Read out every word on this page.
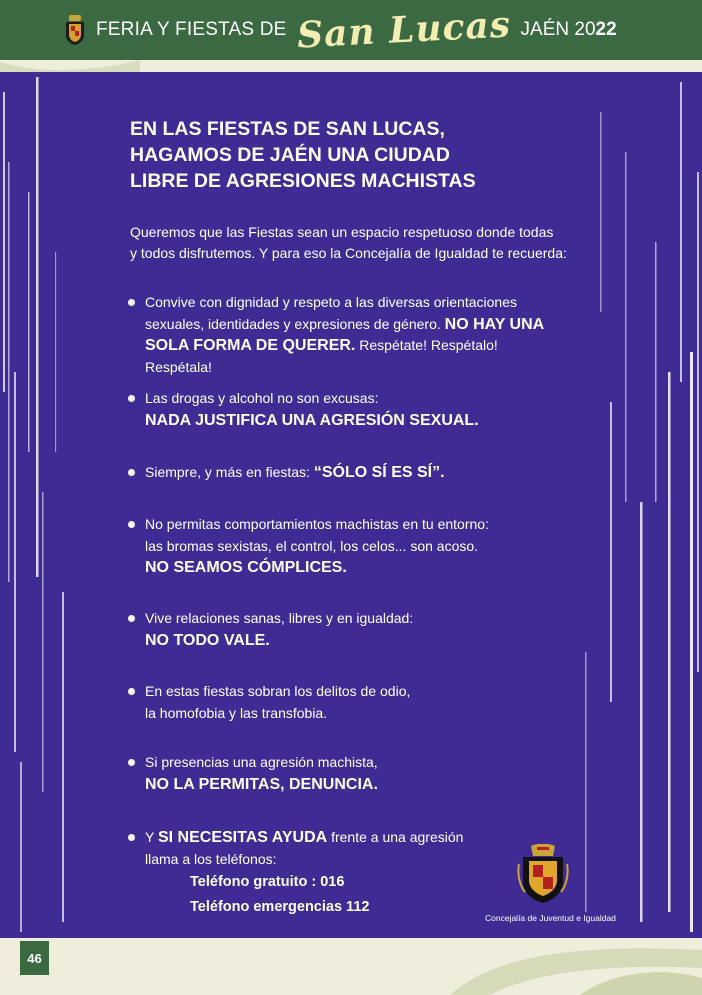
FERIA Y FIESTAS DE San Lucas JAÉN 2022
EN LAS FIESTAS DE SAN LUCAS,
HAGAMOS DE JAÉN UNA CIUDAD
LIBRE DE AGRESIONES MACHISTAS

Queremos que las Fiestas sean un espacio respetuoso donde todas
y todos disfrutemos. Y para eso la Concejalía de Igualdad te recuerda:

Convive con dignidad y respeto a las diversas orientaciones
sexuales, identidades y expresiones de género. NO HAY UNA
SOLA FORMA DE QUERER. Respétate! Respétalo! Respétala!
Las drogas y alcohol no son excusas:
NADA JUSTIFICA UNA AGRESIÓN SEXUAL.
Siempre, y más en fiestas: “SÓLO SÍ ES SÍ”.
No permitas comportamientos machistas en tu entorno:
las bromas sexistas, el control, los celos... son acoso.
NO SEAMOS CÓMPLICES.
Vive relaciones sanas, libres y en igualdad:
NO TODO VALE.
En estas fiestas sobran los delitos de odio,
la homofobia y las transfobia.
Si presencias una agresión machista,
NO LA PERMITAS, DENUNCIA.
Y SI NECESITAS AYUDA frente a una agresión
llama a los teléfonos:
Teléfono gratuito : 016
Teléfono emergencias 112
Concejalía de Juventud e Igualdad
46
